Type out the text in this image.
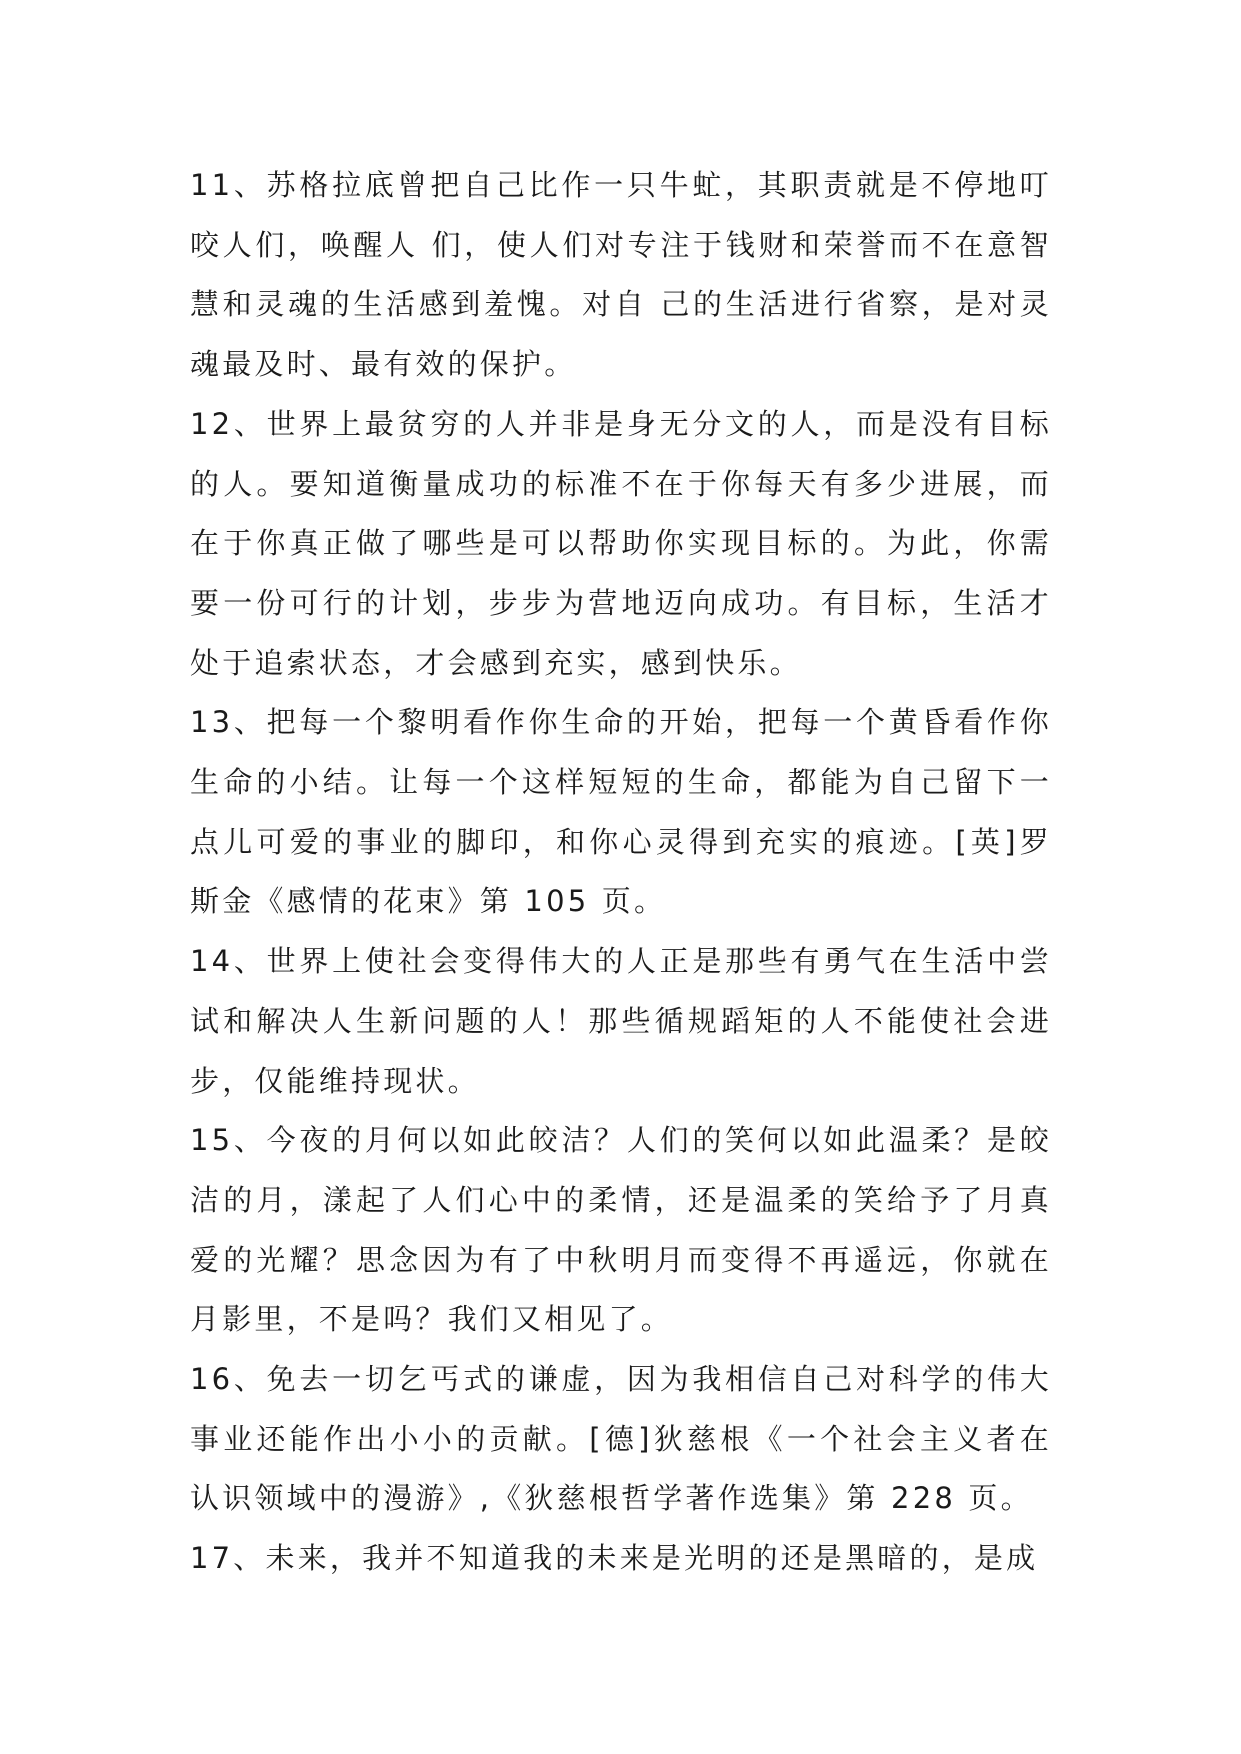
11、苏格拉底曾把自己比作一只牛虻，其职责就是不停地叮咬人们，唤醒人 们，使人们对专注于钱财和荣誉而不在意智慧和灵魂的生活感到羞愧。对自 己的生活进行省察，是对灵魂最及时、最有效的保护。

12、世界上最贫穷的人并非是身无分文的人，而是没有目标的人。要知道衡量成功的标准不在于你每天有多少进展，而在于你真正做了哪些是可以帮助你实现目标的。为此，你需要一份可行的计划，步步为营地迈向成功。有目标，生活才处于追索状态，才会感到充实，感到快乐。

13、把每一个黎明看作你生命的开始，把每一个黄昏看作你生命的小结。让每一个这样短短的生命，都能为自己留下一点儿可爱的事业的脚印，和你心灵得到充实的痕迹。[英]罗斯金《感情的花束》第 105 页。

14、世界上使社会变得伟大的人正是那些有勇气在生活中尝试和解决人生新问题的人！那些循规蹈矩的人不能使社会进步，仅能维持现状。

15、今夜的月何以如此皎洁？人们的笑何以如此温柔？是皎洁的月，漾起了人们心中的柔情，还是温柔的笑给予了月真爱的光耀？思念因为有了中秋明月而变得不再遥远，你就在月影里，不是吗？我们又相见了。

16、免去一切乞丐式的谦虚，因为我相信自己对科学的伟大事业还能作出小小的贡献。[德]狄慈根《一个社会主义者在认识领域中的漫游》,《狄慈根哲学著作选集》第 228 页。

17、未来，我并不知道我的未来是光明的还是黑暗的，是成
